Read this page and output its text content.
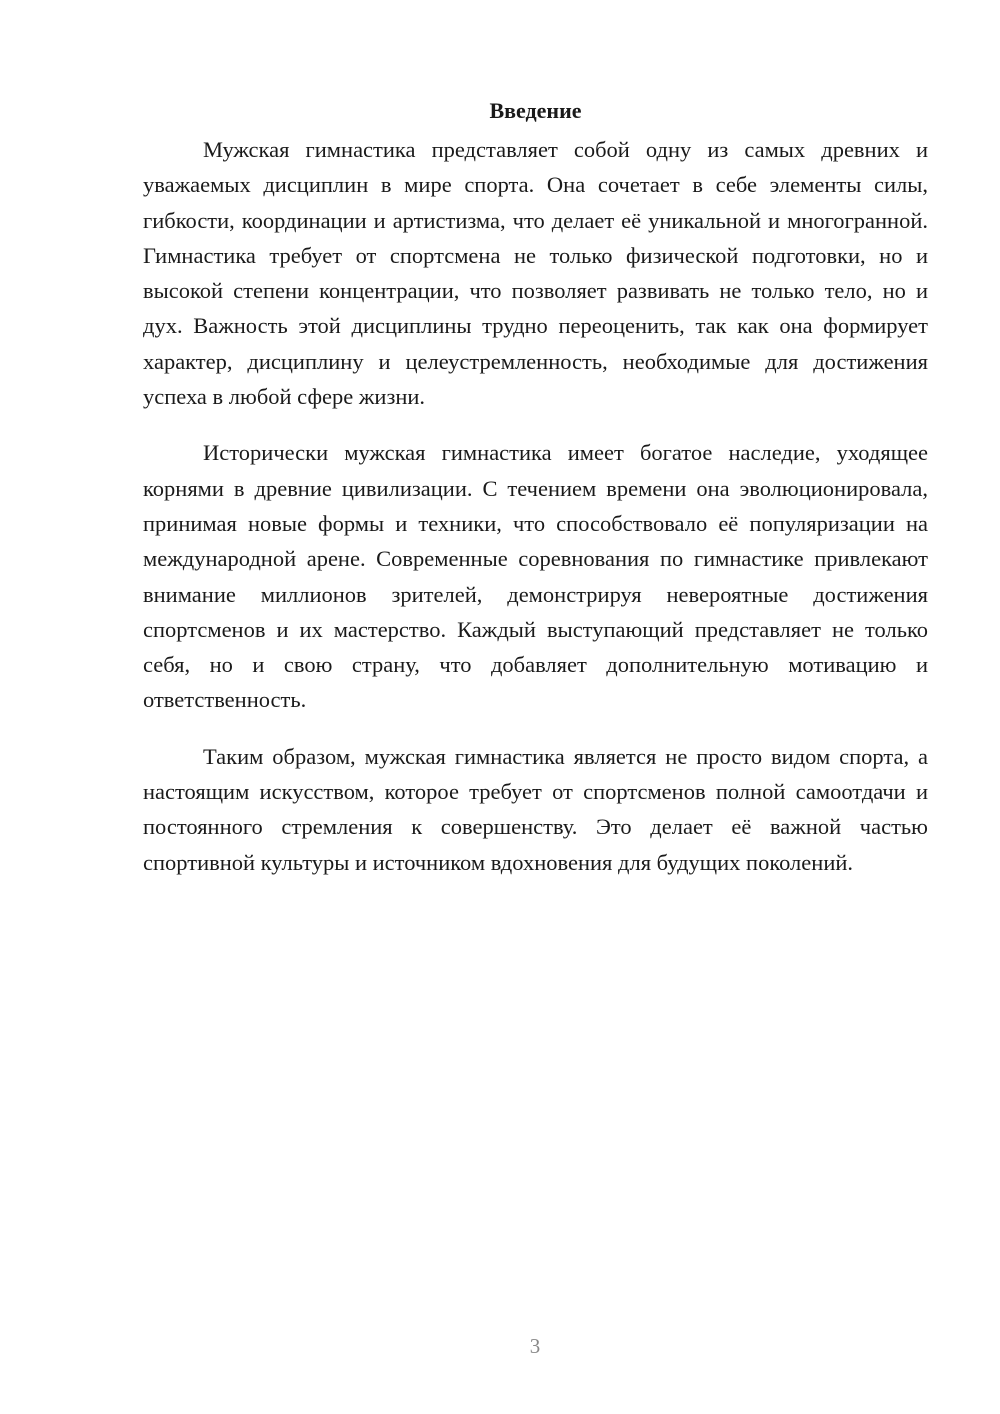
Введение

Мужская гимнастика представляет собой одну из самых древних и уважаемых дисциплин в мире спорта. Она сочетает в себе элементы силы, гибкости, координации и артистизма, что делает её уникальной и многогранной. Гимнастика требует от спортсмена не только физической подготовки, но и высокой степени концентрации, что позволяет развивать не только тело, но и дух. Важность этой дисциплины трудно переоценить, так как она формирует характер, дисциплину и целеустремленность, необходимые для достижения успеха в любой сфере жизни.

Исторически мужская гимнастика имеет богатое наследие, уходящее корнями в древние цивилизации. С течением времени она эволюционировала, принимая новые формы и техники, что способствовало её популяризации на международной арене. Современные соревнования по гимнастике привлекают внимание миллионов зрителей, демонстрируя невероятные достижения спортсменов и их мастерство. Каждый выступающий представляет не только себя, но и свою страну, что добавляет дополнительную мотивацию и ответственность.

Таким образом, мужская гимнастика является не просто видом спорта, а настоящим искусством, которое требует от спортсменов полной самоотдачи и постоянного стремления к совершенству. Это делает её важной частью спортивной культуры и источником вдохновения для будущих поколений.

3
